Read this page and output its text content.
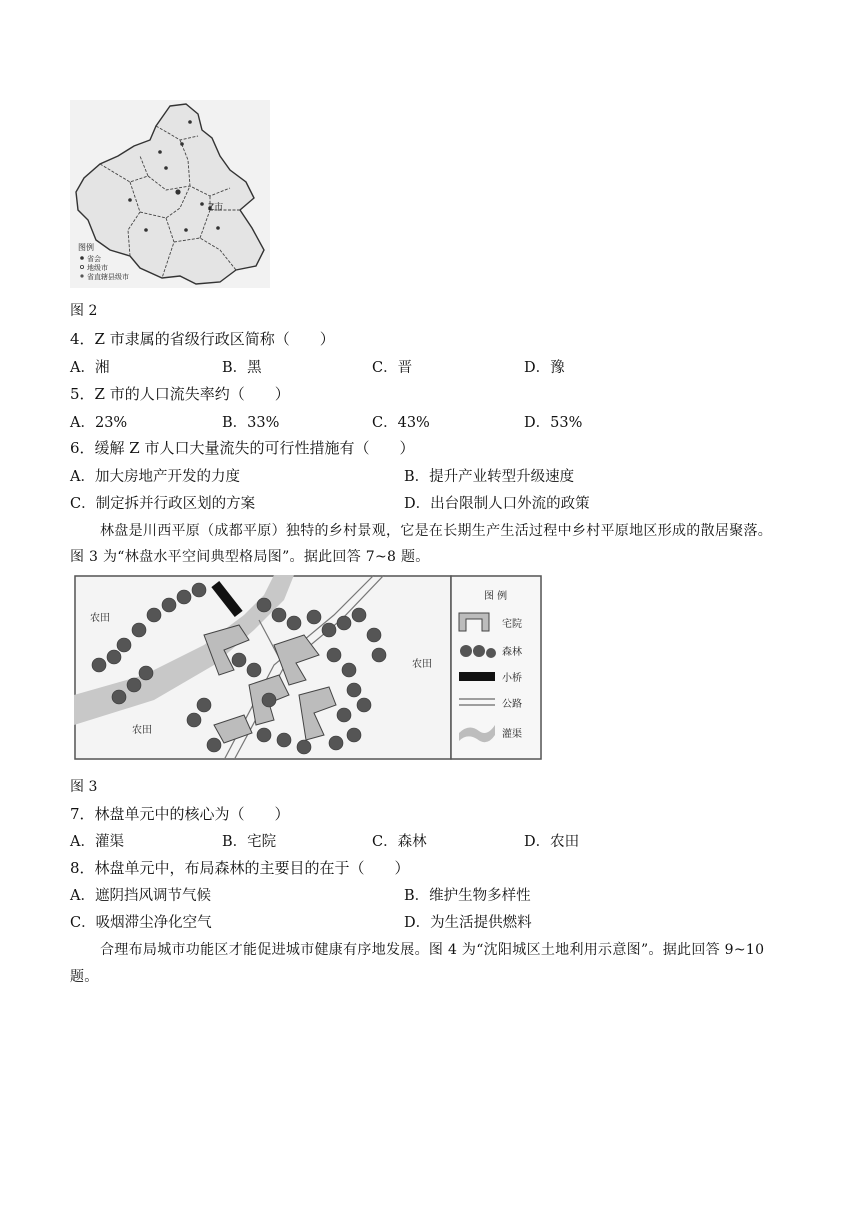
Z市
图例
省会
地级市
省直辖县级市
图 2
4．Z 市隶属的省级行政区简称（　　）
A．湘	B．黑	C．晋	D．豫
5．Z 市的人口流失率约（　　）
A．23%	B．33%	C．43%	D．53%
6．缓解 Z 市人口大量流失的可行性措施有（　　）
A．加大房地产开发的力度	B．提升产业转型升级速度
C．制定拆并行政区划的方案	D．出台限制人口外流的政策
林盘是川西平原（成都平原）独特的乡村景观，它是在长期生产生活过程中乡村平原地区形成的散居聚落。
图 3 为“林盘水平空间典型格局图”。据此回答 7~8 题。
农田
农田
农田
图 例
宅院
森林
小桥
公路
灌渠
图 3
7．林盘单元中的核心为（　　）
A．灌渠	B．宅院	C．森林	D．农田
8．林盘单元中，布局森林的主要目的在于（　　）
A．遮阴挡风调节气候	B．维护生物多样性
C．吸烟滞尘净化空气	D．为生活提供燃料
合理布局城市功能区才能促进城市健康有序地发展。图 4 为“沈阳城区土地利用示意图”。据此回答 9~10
题。
